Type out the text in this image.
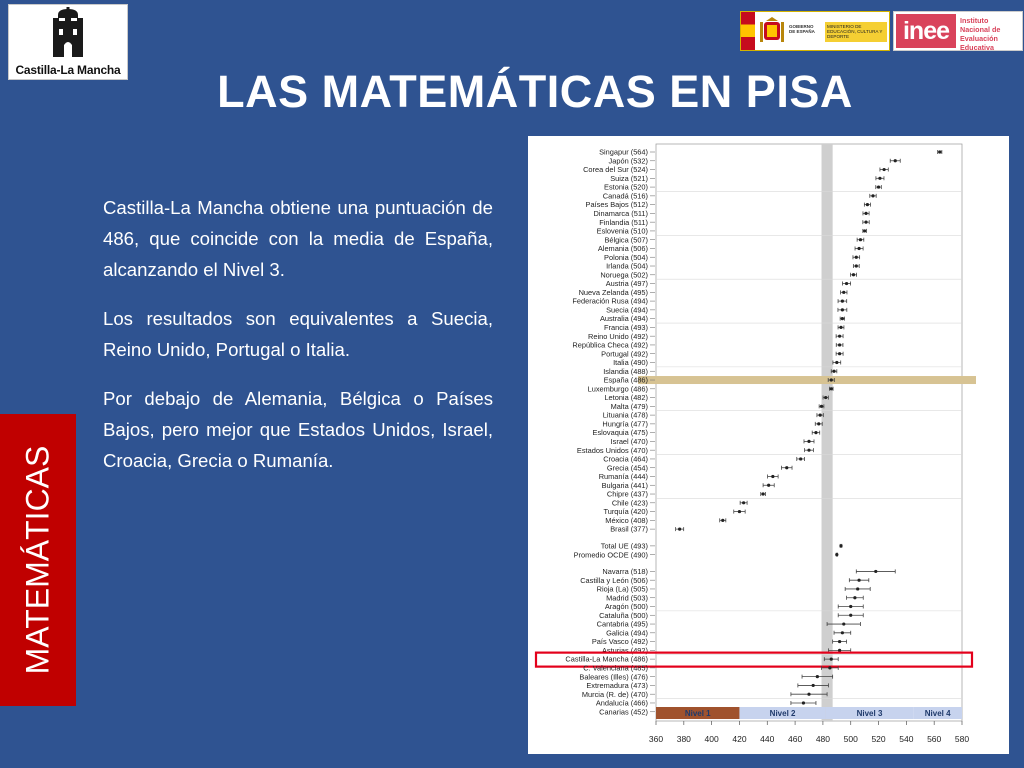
Castilla-La Mancha
GOBIERNO DE ESPAÑA
MINISTERIO DE EDUCACIÓN, CULTURA Y DEPORTE	inee	Instituto Nacional de Evaluación Educativa
LAS MATEMÁTICAS EN PISA
MATEMÁTICAS

Castilla-La Mancha obtiene una puntuación de 486, que coincide con la media de España, alcanzando el Nivel 3.

Los resultados son equivalentes a Suecia, Reino Unido, Portugal o Italia.

Por debajo de Alemania, Bélgica o Países Bajos, pero mejor que Estados Unidos, Israel, Croacia, Grecia o Rumanía.

Singapur (564)
Japón (532)
Corea del Sur (524)
Suiza (521)
Estonia (520)
Canadá (516)
Países Bajos (512)
Dinamarca (511)
Finlandia (511)
Eslovenia (510)
Bélgica (507)
Alemania (506)
Polonia (504)
Irlanda (504)
Noruega (502)
Austria (497)
Nueva Zelanda (495)
Federación Rusa (494)
Suecia (494)
Australia (494)
Francia (493)
Reino Unido (492)
República Checa (492)
Portugal (492)
Italia (490)
Islandia (488)
España (486)
Luxemburgo (486)
Letonia (482)
Malta (479)
Lituania (478)
Hungría (477)
Eslovaquia (475)
Israel (470)
Estados Unidos (470)
Croacia (464)
Grecia (454)
Rumanía (444)
Bulgaria (441)
Chipre (437)
Chile (423)
Turquía (420)
México (408)
Brasil (377)
Total UE (493)
Promedio OCDE (490)
Navarra (518)
Castilla y León (506)
Rioja (La) (505)
Madrid (503)
Aragón (500)
Cataluña (500)
Cantabria (495)
Galicia (494)
País Vasco (492)
Asturias (492)
Castilla-La Mancha (486)
C. Valenciana (485)
Baleares (Illes) (476)
Extremadura (473)
Murcia (R. de) (470)
Andalucía (466)
Canarias (452)	Nivel 1	Nivel 2	Nivel 3	Nivel 4
360 380 400 420 440 460 480 500 520 540 560 580
